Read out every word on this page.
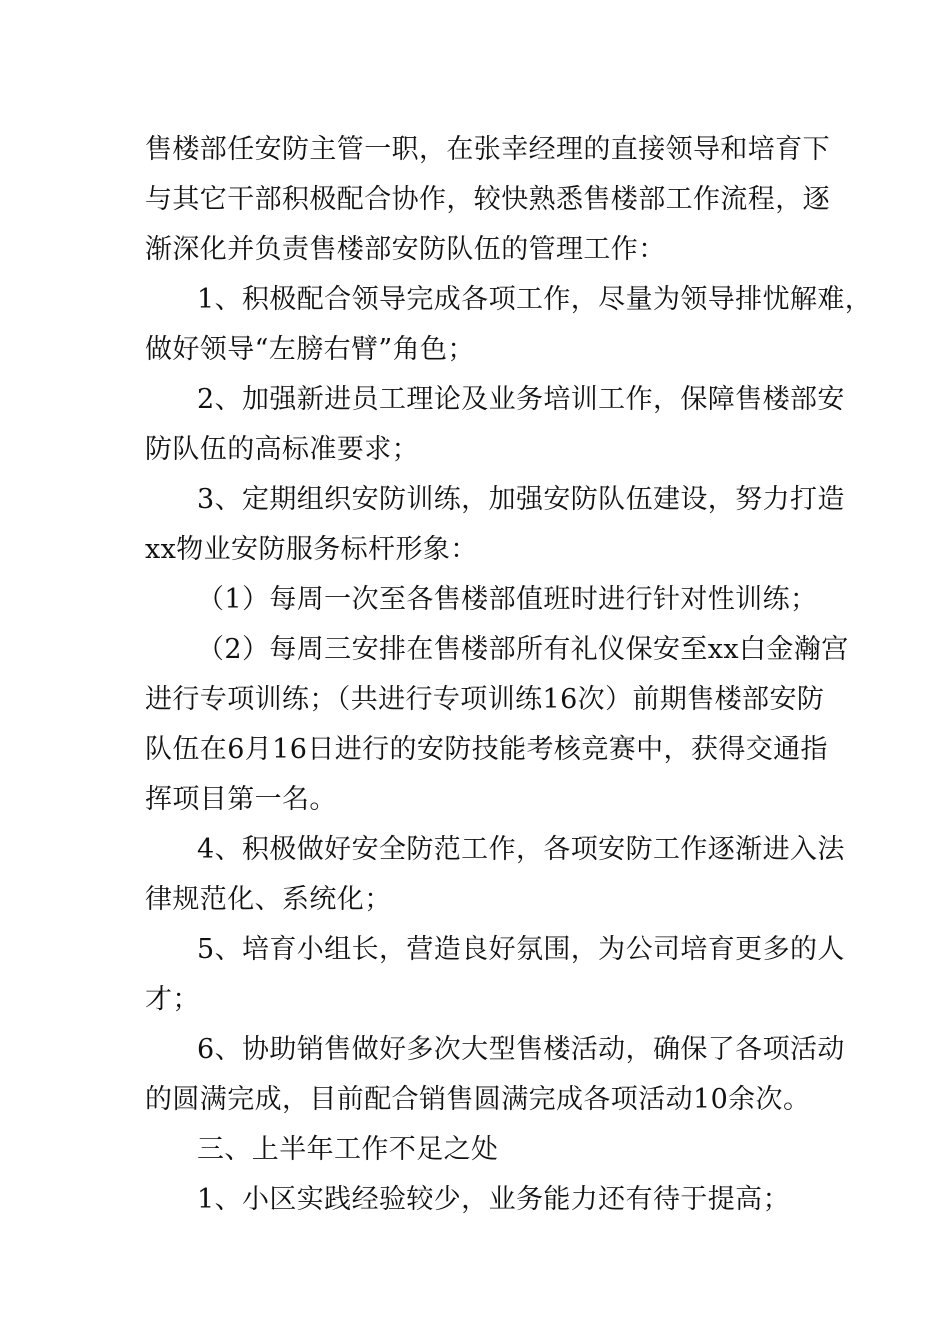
售楼部任安防主管一职，在张幸经理的直接领导和培育下
与其它干部积极配合协作，较快熟悉售楼部工作流程，逐
渐深化并负责售楼部安防队伍的管理工作：
1、积极配合领导完成各项工作，尽量为领导排忧解难，
做好领导“左膀右臂”角色；
2、加强新进员工理论及业务培训工作，保障售楼部安
防队伍的高标准要求；
3、定期组织安防训练，加强安防队伍建设，努力打造
xx物业安防服务标杆形象：
（1）每周一次至各售楼部值班时进行针对性训练；
（2）每周三安排在售楼部所有礼仪保安至xx白金瀚宫
进行专项训练；（共进行专项训练16次）前期售楼部安防
队伍在6月16日进行的安防技能考核竞赛中，获得交通指
挥项目第一名。
4、积极做好安全防范工作，各项安防工作逐渐进入法
律规范化、系统化；
5、培育小组长，营造良好氛围，为公司培育更多的人
才；
6、协助销售做好多次大型售楼活动，确保了各项活动
的圆满完成，目前配合销售圆满完成各项活动10余次。
三、上半年工作不足之处
1、小区实践经验较少，业务能力还有待于提高；
